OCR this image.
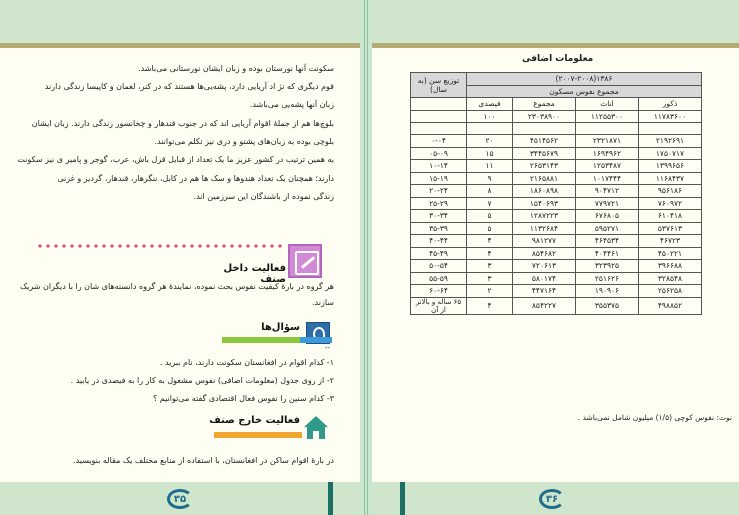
سکونت آنها نورستان بوده و زبان ایشان نورستانی می‌باشد.
قوم دیگری که نژ اد آریایی دارد، پشه‌یی‌ها هستند که در کنر، لغمان و کاپیسا زندگی دارند
زبان آنها پشه‌یی می‌باشد.
بلوچ‌ها هم از جملهٔ اقوام آریایی اند که در جنوب قندهار و چخانسور زندگی دارند. زبان ایشان
بلوچی بوده به زبان‌های پشتو و دری نیز تکلم می‌توانند.
به همین ترتیب در کشور عزیز ما یک تعداد از قبایل قزل باش، عرب، گوجر و پامیر ی نیز سکونت
دارند؛ همچنان یک تعداد هندوها و سک ها هم در کابل، ننگرهار، قندهار، گردیز و غزنی
زندگی نموده از باشندگان این سرزمین اند.
فعالیت داخل صنف
هر گروه در بارهٔ کیفیت نفوس بحث نموده، نمایندهٔ هر گروه دانسته‌های شان را با دیگران شریک
سازند.
سؤال‌ها
--
۱- کدام اقوام در افغانستان سکونت دارند، نام ببرید .
۲- از روی جدول (معلومات اضافی) نفوس مشغول به کار را به فیصدی در یابید .
۳- کدام سنین را نفوس فعال اقتصادی گفته می‌توانیم ؟
فعالیت خارج صنف
در بارهٔ اقوام ساکن در افغانستان، با استفاده از منابع مختلف یک مقاله بنویسید.
۳۵
معلومات اضافی
۱۳۸۶(۲۰۰۷-۲۰۰۸)				توزیع سن (به سال)
مجموع نفوس مسکون				
ذکور	اناث	مجموع	فیصدی	
۱۱۷۸۳۶۰۰	۱۱۲۵۵۳۰۰	۲۳۰۳۸۹۰۰	۱۰۰	

۲۱۹۲۶۹۱	۲۳۲۱۸۷۱	۴۵۱۴۵۶۲	۲۰	۰-۰۴
۱۷۵۰۷۱۷	۱۶۹۴۹۶۲	۳۴۴۵۶۷۹	۱۵	۰۵-۰۹
۱۳۹۹۶۵۶	۱۲۵۳۴۸۷	۲۶۵۳۱۴۳	۱۱	۱۰-۱۴
۱۱۶۸۴۳۷	۱۰۱۷۴۴۴	۲۱۶۵۸۸۱	۹	۱۵-۱۹
۹۵۶۱۸۶	۹۰۴۷۱۲	۱۸۶۰۸۹۸	۸	۲۰-۲۴
۷۶۰۹۷۲	۷۷۹۷۲۱	۱۵۴۰۶۹۳	۷	۲۵-۲۹
۶۱۰۴۱۸	۶۷۶۸۰۵	۱۲۸۷۲۲۳	۵	۳۰-۳۴
۵۳۷۶۱۳	۵۹۵۲۷۱	۱۱۳۲۶۸۴	۵	۳۵-۳۹
۴۶۷۲۳	۴۶۴۵۳۴	۹۸۱۲۷۷	۴	۴۰-۴۴
۴۵۰۲۲۱	۴۰۴۴۶۱	۸۵۴۶۸۲	۴	۴۵-۴۹
۳۹۶۶۸۸	۳۲۳۹۲۵	۷۲۰۶۱۳	۳	۵۰-۵۴
۳۲۸۵۴۸	۲۵۱۶۲۶	۵۸۰۱۷۴	۳	۵۵-۵۹
۲۵۶۲۵۸	۱۹۰۹۰۶	۴۴۷۱۶۴	۲	۶۰-۶۴
۴۹۸۸۵۲	۳۵۵۳۷۵	۸۵۴۲۲۷	۴	۶۵ ساله و بالاتر از آن
نوت: نفوس کوچی (۱/۵) میلیون شامل نمی‌باشد .
۳۶
